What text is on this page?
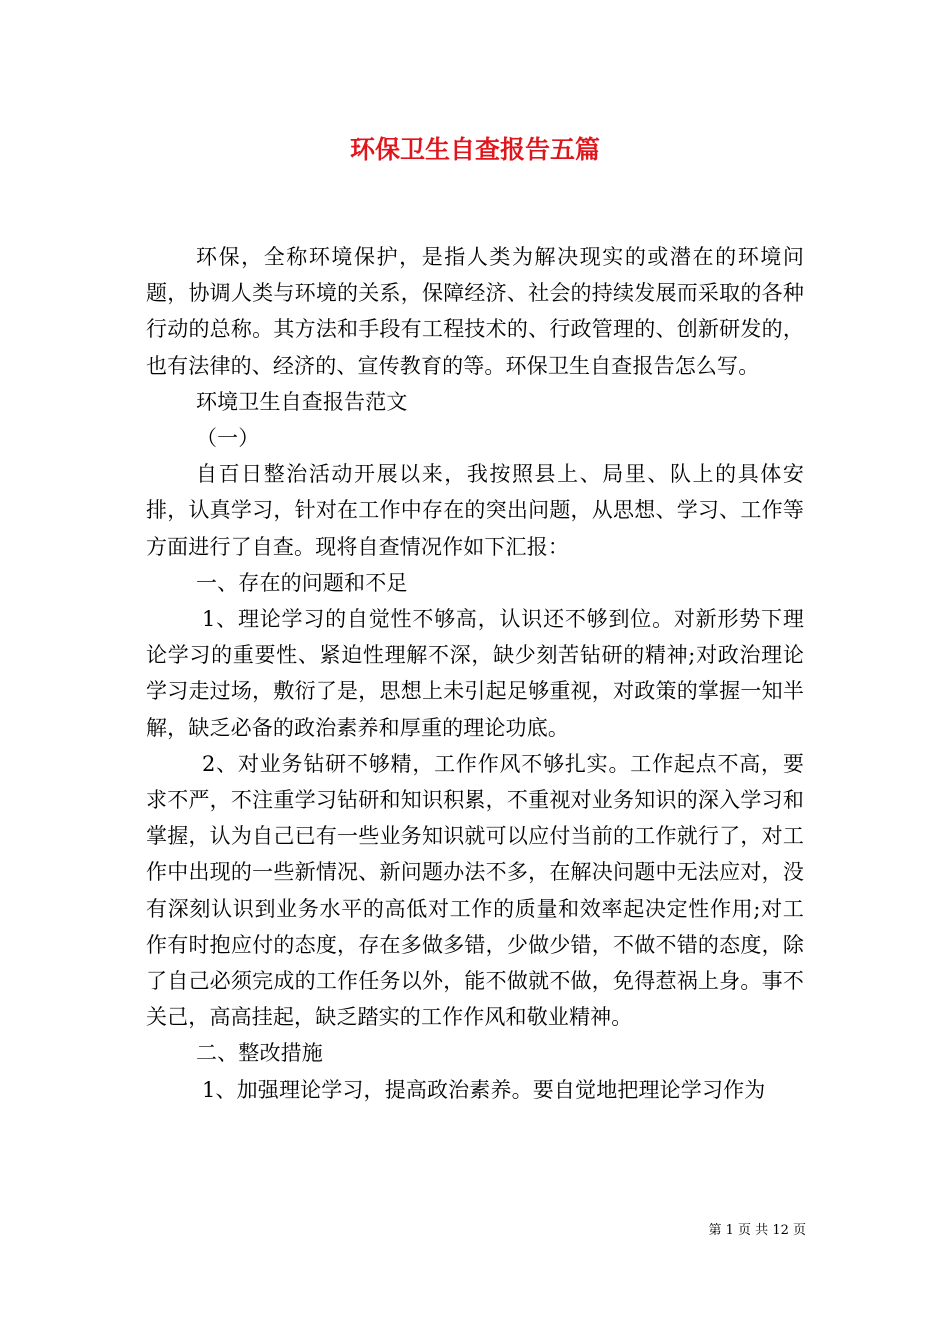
环保卫生自查报告五篇

环保，全称环境保护，是指人类为解决现实的或潜在的环境问题，协调人类与环境的关系，保障经济、社会的持续发展而采取的各种行动的总称。其方法和手段有工程技术的、行政管理的、创新研发的，也有法律的、经济的、宣传教育的等。环保卫生自查报告怎么写。

环境卫生自查报告范文

（一）

自百日整治活动开展以来，我按照县上、局里、队上的具体安排，认真学习，针对在工作中存在的突出问题，从思想、学习、工作等方面进行了自查。现将自查情况作如下汇报：

一、存在的问题和不足

1、理论学习的自觉性不够高，认识还不够到位。对新形势下理论学习的重要性、紧迫性理解不深，缺少刻苦钻研的精神;对政治理论学习走过场，敷衍了是，思想上未引起足够重视，对政策的掌握一知半解，缺乏必备的政治素养和厚重的理论功底。

2、对业务钻研不够精，工作作风不够扎实。工作起点不高，要求不严，不注重学习钻研和知识积累，不重视对业务知识的深入学习和掌握，认为自己已有一些业务知识就可以应付当前的工作就行了，对工作中出现的一些新情况、新问题办法不多，在解决问题中无法应对，没有深刻认识到业务水平的高低对工作的质量和效率起决定性作用;对工作有时抱应付的态度，存在多做多错，少做少错，不做不错的态度，除了自己必须完成的工作任务以外，能不做就不做，免得惹祸上身。事不关己，高高挂起，缺乏踏实的工作作风和敬业精神。

二、整改措施

1、加强理论学习，提高政治素养。要自觉地把理论学习作为

第 1 页 共 12 页
